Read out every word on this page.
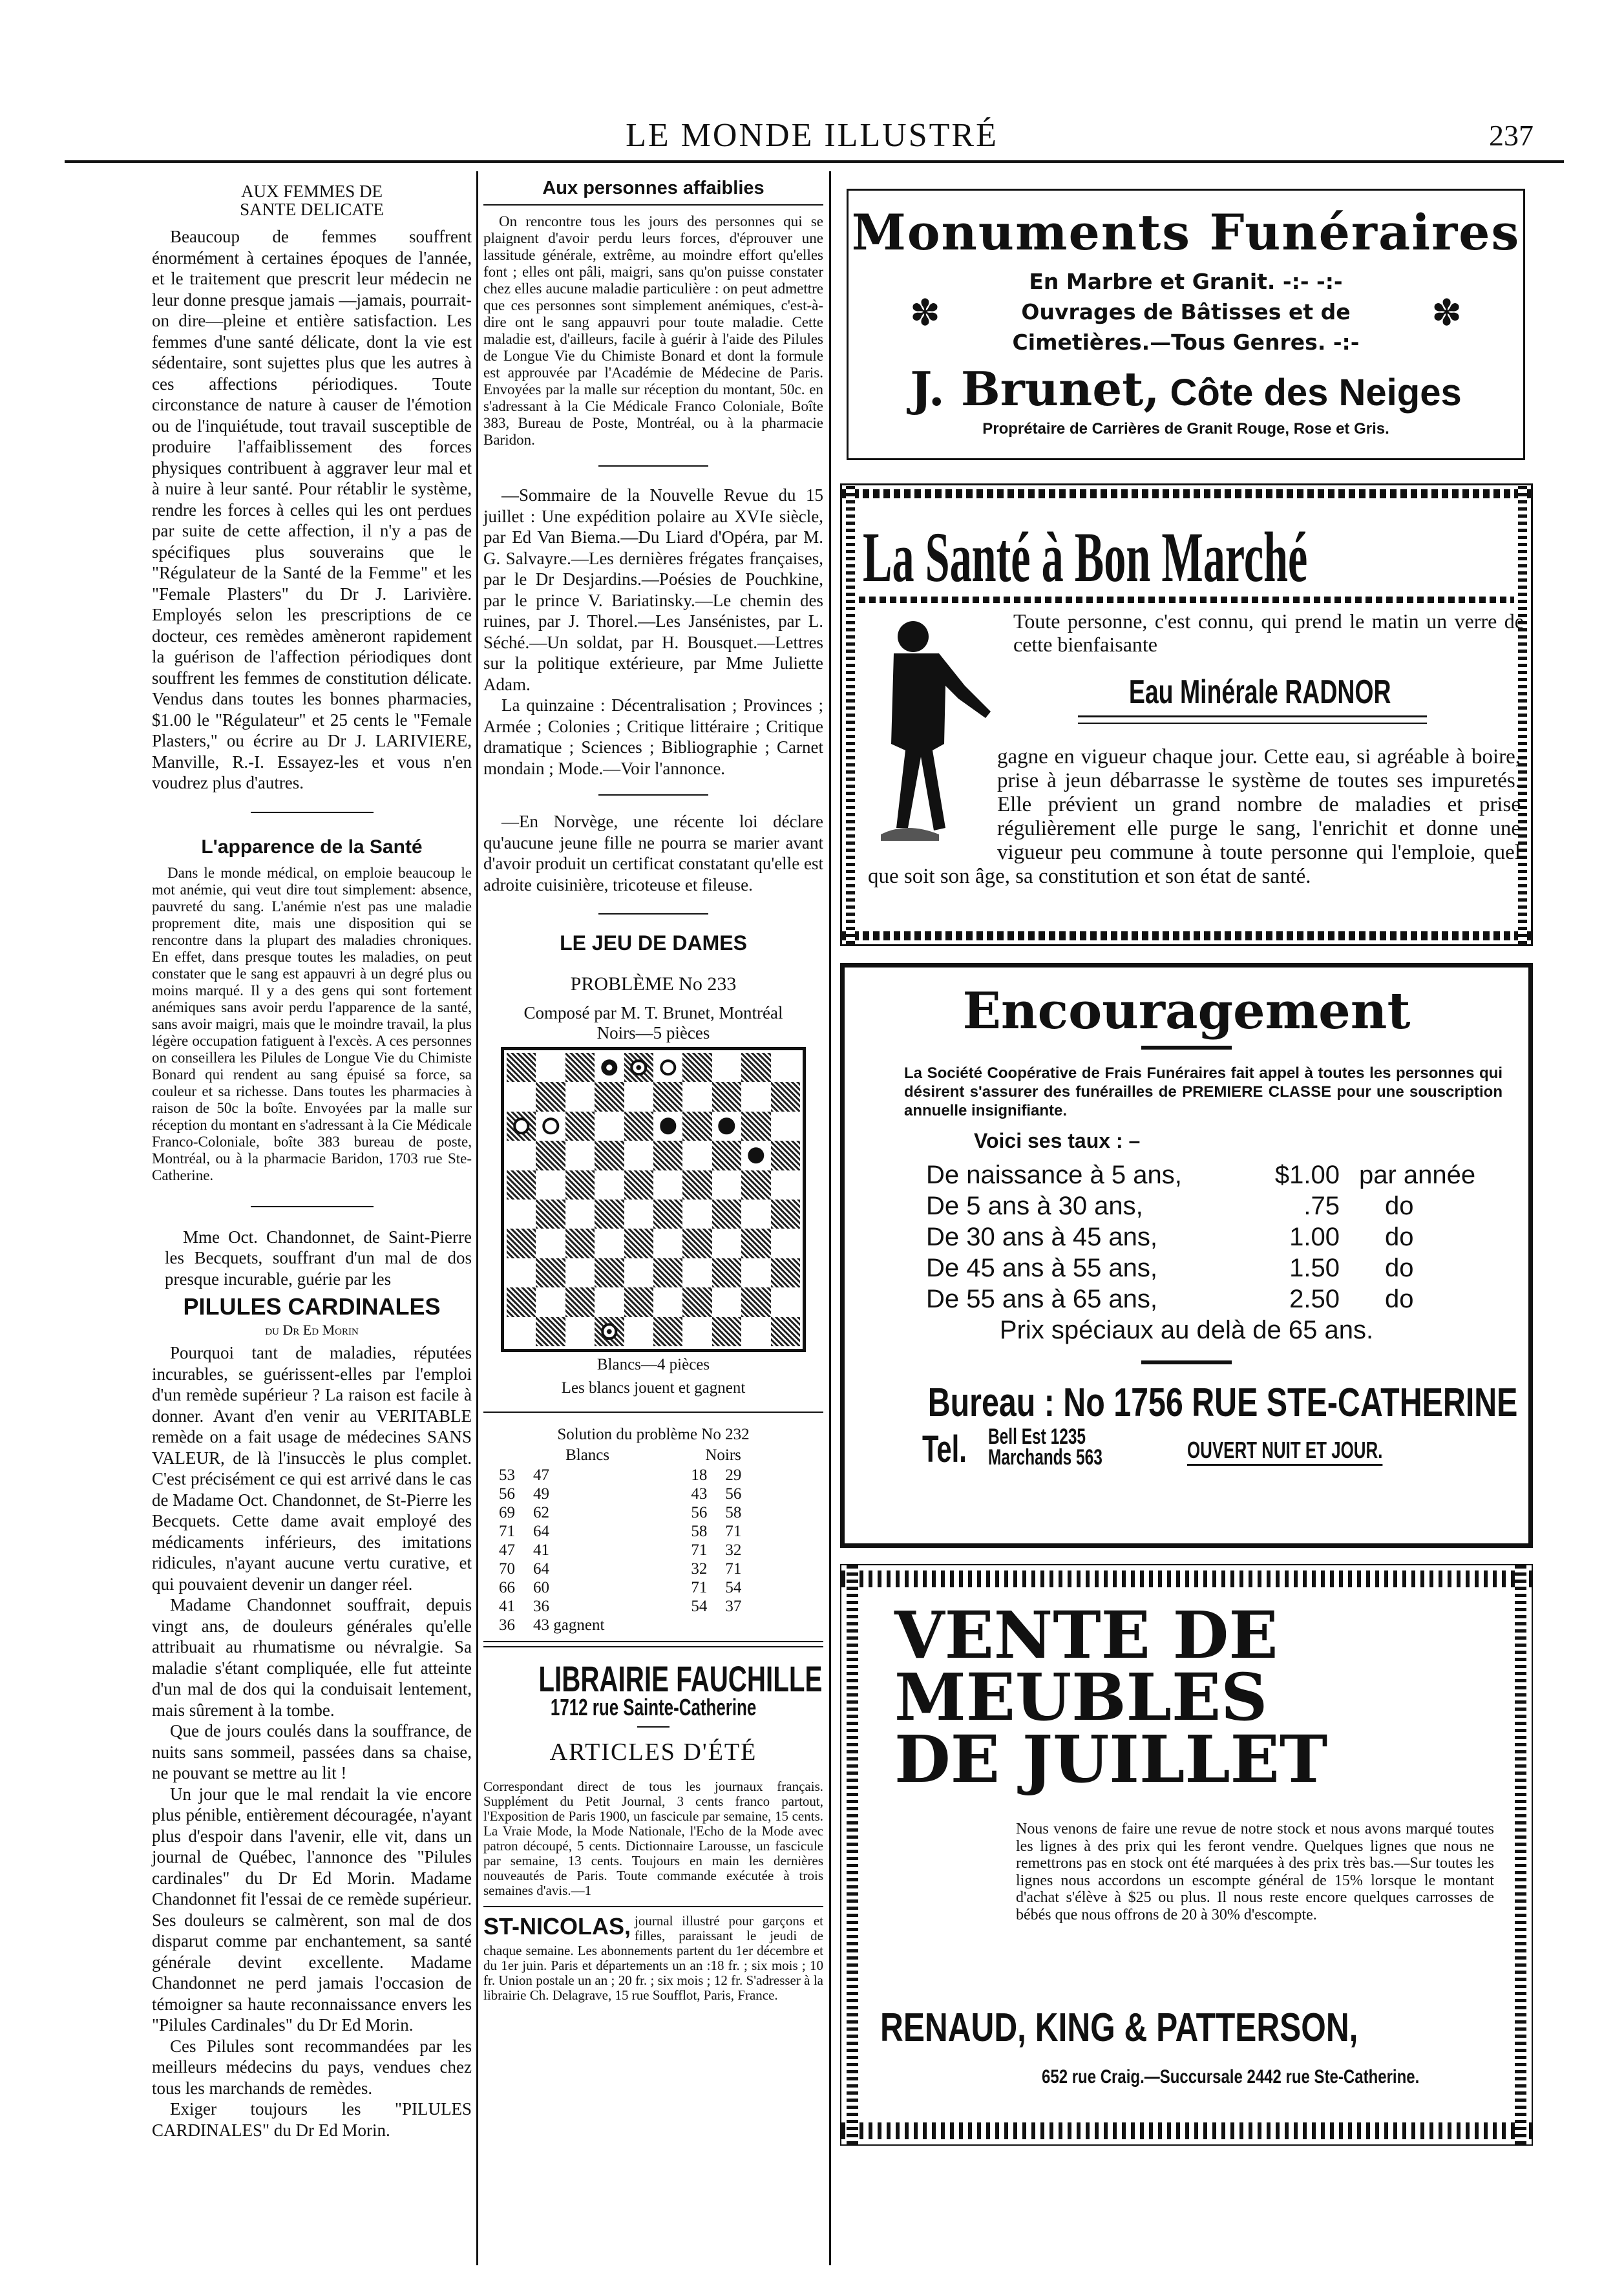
LE MONDE ILLUSTRÉ	237
AUX FEMMES DE SANTE DELICATE

Beaucoup de femmes souffrent énormément à certaines époques de l'année, et le traitement que prescrit leur médecin ne leur donne presque jamais —jamais, pourrait-on dire—pleine et entière satisfaction. Les femmes d'une santé délicate, dont la vie est sédentaire, sont sujettes plus que les autres à ces affections périodiques. Toute circonstance de nature à causer de l'émotion ou de l'inquiétude, tout travail susceptible de produire l'affaiblissement des forces physiques contribuent à aggraver leur mal et à nuire à leur santé. Pour rétablir le système, rendre les forces à celles qui les ont perdues par suite de cette affection, il n'y a pas de spécifiques plus souverains que le "Régulateur de la Santé de la Femme" et les "Female Plasters" du Dr J. Larivière. Employés selon les prescriptions de ce docteur, ces remèdes amèneront rapidement la guérison de l'affection périodiques dont souffrent les femmes de constitution délicate. Vendus dans toutes les bonnes pharmacies, $1.00 le "Régulateur" et 25 cents le "Female Plasters," ou écrire au Dr J. LARIVIERE, Manville, R.-I. Essayez-les et vous n'en voudrez plus d'autres.

L'apparence de la Santé

Dans le monde médical, on emploie beaucoup le mot anémie, qui veut dire tout simplement: absence, pauvreté du sang. L'anémie n'est pas une maladie proprement dite, mais une disposition qui se rencontre dans la plupart des maladies chroniques. En effet, dans presque toutes les maladies, on peut constater que le sang est appauvri à un degré plus ou moins marqué. Il y a des gens qui sont fortement anémiques sans avoir perdu l'apparence de la santé, sans avoir maigri, mais que le moindre travail, la plus légère occupation fatiguent à l'excès. A ces personnes on conseillera les Pilules de Longue Vie du Chimiste Bonard qui rendent au sang épuisé sa force, sa couleur et sa richesse. Dans toutes les pharmacies à raison de 50c la boîte. Envoyées par la malle sur réception du montant en s'adressant à la Cie Médicale Franco-Coloniale, boîte 383 bureau de poste, Montréal, ou à la pharmacie Baridon, 1703 rue Ste-Catherine.

Mme Oct. Chandonnet, de Saint-Pierre les Becquets, souffrant d'un mal de dos presque incurable, guérie par les

PILULES CARDINALES
du Dr Ed Morin

Pourquoi tant de maladies, réputées incurables, se guérissent-elles par l'emploi d'un remède supérieur ? La raison est facile à donner. Avant d'en venir au VERITABLE remède on a fait usage de médecines SANS VALEUR, de là l'insuccès le plus complet. C'est précisément ce qui est arrivé dans le cas de Madame Oct. Chandonnet, de St-Pierre les Becquets. Cette dame avait employé des médicaments inférieurs, des imitations ridicules, n'ayant aucune vertu curative, et qui pouvaient devenir un danger réel.

Madame Chandonnet souffrait, depuis vingt ans, de douleurs générales qu'elle attribuait au rhumatisme ou névralgie. Sa maladie s'étant compliquée, elle fut atteinte d'un mal de dos qui la conduisait lentement, mais sûrement à la tombe.

Que de jours coulés dans la souffrance, de nuits sans sommeil, passées dans sa chaise, ne pouvant se mettre au lit !

Un jour que le mal rendait la vie encore plus pénible, entièrement découragée, n'ayant plus d'espoir dans l'avenir, elle vit, dans un journal de Québec, l'annonce des "Pilules cardinales" du Dr Ed Morin. Madame Chandonnet fit l'essai de ce remède supérieur. Ses douleurs se calmèrent, son mal de dos disparut comme par enchantement, sa santé générale devint excellente. Madame Chandonnet ne perd jamais l'occasion de témoigner sa haute reconnaissance envers les "Pilules Cardinales" du Dr Ed Morin.

Ces Pilules sont recommandées par les meilleurs médecins du pays, vendues chez tous les marchands de remèdes.

Exiger toujours les "PILULES CARDINALES" du Dr Ed Morin.

Aux personnes affaiblies

On rencontre tous les jours des personnes qui se plaignent d'avoir perdu leurs forces, d'éprouver une lassitude générale, extrême, au moindre effort qu'elles font ; elles ont pâli, maigri, sans qu'on puisse constater chez elles aucune maladie particulière : on peut admettre que ces personnes sont simplement anémiques, c'est-à-dire ont le sang appauvri pour toute maladie. Cette maladie est, d'ailleurs, facile à guérir à l'aide des Pilules de Longue Vie du Chimiste Bonard et dont la formule est approuvée par l'Académie de Médecine de Paris. Envoyées par la malle sur réception du montant, 50c. en s'adressant à la Cie Médicale Franco Coloniale, Boîte 383, Bureau de Poste, Montréal, ou à la pharmacie Baridon.

—Sommaire de la Nouvelle Revue du 15 juillet : Une expédition polaire au XVIe siècle, par Ed Van Biema.—Du Liard d'Opéra, par M. G. Salvayre.—Les dernières frégates françaises, par le Dr Desjardins.—Poésies de Pouchkine, par le prince V. Bariatinsky.—Le chemin des ruines, par J. Thorel.—Les Jansénistes, par L. Séché.—Un soldat, par H. Bousquet.—Lettres sur la politique extérieure, par Mme Juliette Adam.

La quinzaine : Décentralisation ; Provinces ; Armée ; Colonies ; Critique littéraire ; Critique dramatique ; Sciences ; Bibliographie ; Carnet mondain ; Mode.—Voir l'annonce.

—En Norvège, une récente loi déclare qu'aucune jeune fille ne pourra se marier avant d'avoir produit un certificat constatant qu'elle est adroite cuisinière, tricoteuse et fileuse.

LE JEU DE DAMES
PROBLÈME No 233
Composé par M. T. Brunet, Montréal
Noirs—5 pièces
Blancs—4 pièces
Les blancs jouent et gagnent
Solution du problème No 232
Blancs	Noirs
53	47	18	29
56	49	43	56
69	62	56	58
71	64	58	71
47	41	71	32
70	64	32	71
66	60	71	54
41	36	54	37
36	43 gagnent		
LIBRAIRIE FAUCHILLE
1712 rue Sainte-Catherine
ARTICLES D'ÉTÉ

Correspondant direct de tous les journaux français. Supplément du Petit Journal, 3 cents franco partout, l'Exposition de Paris 1900, un fascicule par semaine, 15 cents. La Vraie Mode, la Mode Nationale, l'Echo de la Mode avec patron découpé, 5 cents. Dictionnaire Larousse, un fascicule par semaine, 13 cents. Toujours en main les dernières nouveautés de Paris. Toute commande exécutée à trois semaines d'avis.—1

ST-NICOLAS, journal illustré pour garçons et filles, paraissant le jeudi de chaque semaine. Les abonnements partent du 1er décembre et du 1er juin. Paris et départements un an :18 fr. ; six mois ; 10 fr. Union postale un an ; 20 fr. ; six mois ; 12 fr. S'adresser à la librairie Ch. Delagrave, 15 rue Soufflot, Paris, France.
Monuments Funéraires
✽	✽
En Marbre et Granit. -:- -:-
Ouvrages de Bâtisses et de
Cimetières.—Tous Genres. -:-
J. Brunet, Côte des Neiges
Proprétaire de Carrières de Granit Rouge, Rose et Gris.
La Santé à Bon Marché
Toute personne, c'est connu, qui prend le matin un verre de cette bienfaisante
Eau Minérale RADNOR
gagne en vigueur chaque jour. Cette eau, si agréable à boire, prise à jeun débarrasse le système de toutes ses impuretés. Elle prévient un grand nombre de maladies et prise régulièrement elle purge le sang, l'enrichit et donne une vigueur peu commune à toute personne qui l'emploie, quel que soit son âge, sa constitution et son état de santé.
Encouragement
La Société Coopérative de Frais Funéraires fait appel à toutes les personnes qui désirent s'assurer des funérailles de PREMIERE CLASSE pour une souscription annuelle insignifiante.
Voici ses taux : –
De naissance à 5 ans,	$1.00 par année
De 5 ans à 30 ans,	.75	do
De 30 ans à 45 ans,	1.00	do
De 45 ans à 55 ans,	1.50	do
De 55 ans à 65 ans,	2.50	do
Prix spéciaux au delà de 65 ans.
Bureau : No 1756 RUE STE-CATHERINE
Tel. Bell Est 1235
Marchands 563	OUVERT NUIT ET JOUR.
VENTE DE
MEUBLES
DE JUILLET
Nous venons de faire une revue de notre stock et nous avons marqué toutes les lignes à des prix qui les feront vendre. Quelques lignes que nous ne remettrons pas en stock ont été marquées à des prix très bas.—Sur toutes les lignes nous accordons un escompte général de 15% lorsque le montant d'achat s'élève à $25 ou plus. Il nous reste encore quelques carrosses de bébés que nous offrons de 20 à 30% d'escompte.
RENAUD, KING & PATTERSON,
652 rue Craig.—Succursale 2442 rue Ste-Catherine.
